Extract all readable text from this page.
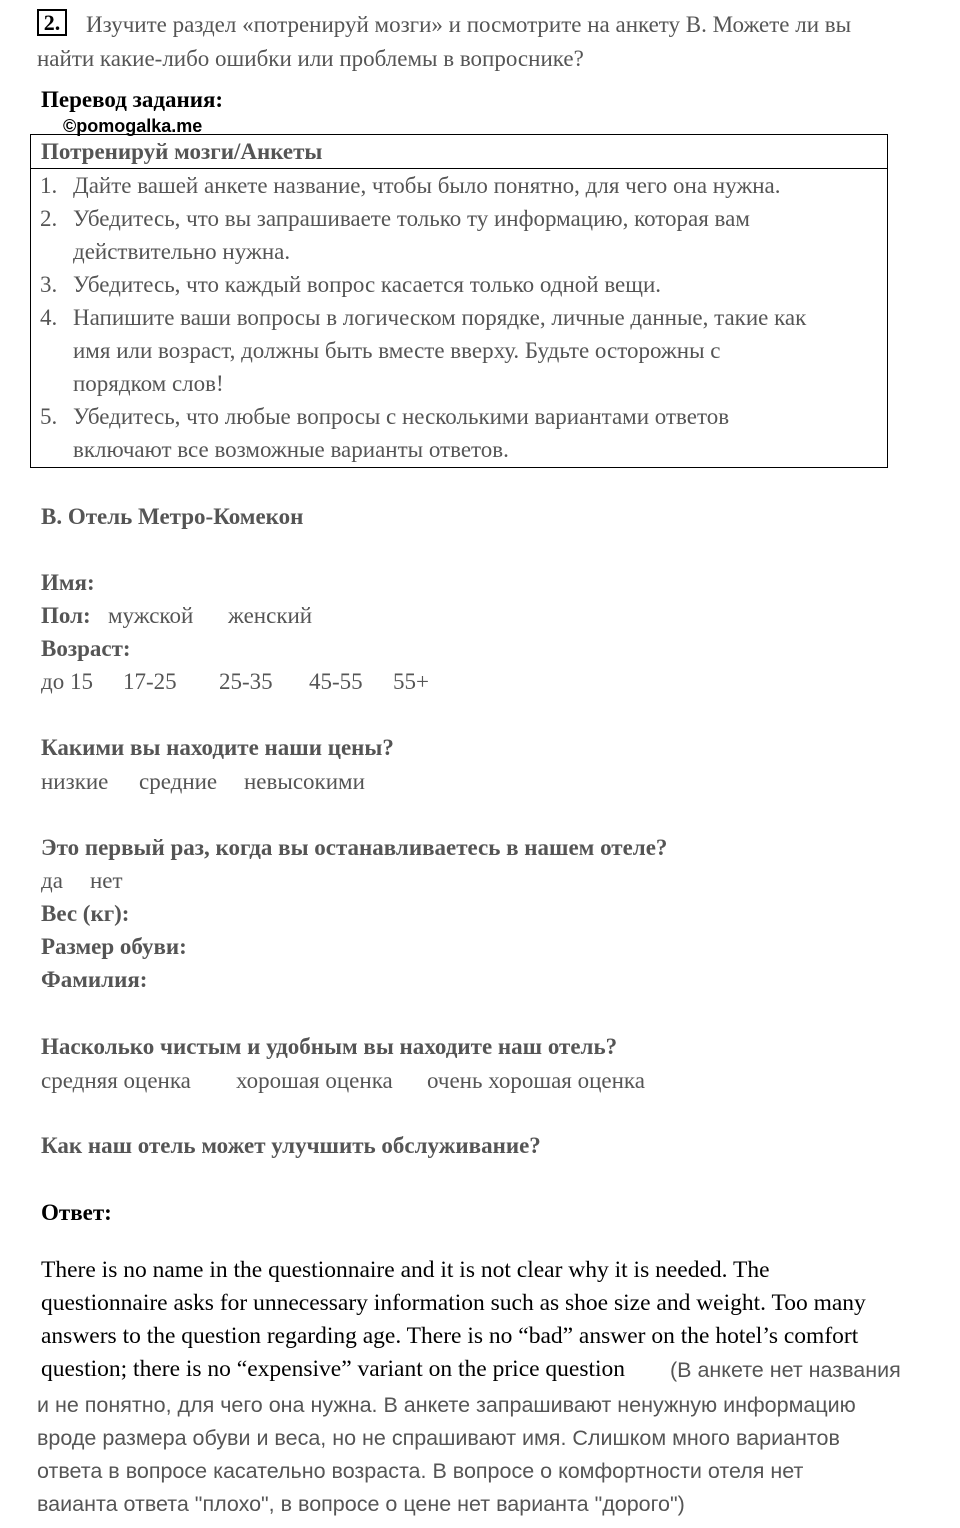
2. Изучите раздел «потренируй мозги» и посмотрите на анкету B. Можете ли вы
найти какие-либо ошибки или проблемы в вопроснике?
Перевод задания:
©pomogalka.me
Потренируй мозги/Анкеты
1. Дайте вашей анкете название, чтобы было понятно, для чего она нужна.
2. Убедитесь, что вы запрашиваете только ту информацию, которая вам
действительно нужна.
3. Убедитесь, что каждый вопрос касается только одной вещи.
4. Напишите ваши вопросы в логическом порядке, личные данные, такие как
имя или возраст, должны быть вместе вверху. Будьте осторожны с
порядком слов!
5. Убедитесь, что любые вопросы с несколькими вариантами ответов
включают все возможные варианты ответов.
B. Отель Метро-Комекон
Имя:
Пол: мужской женский
Возраст:
до 15 17-25 25-35 45-55 55+
Какими вы находите наши цены?
низкие средние невысокими
Это первый раз, когда вы останавливаетесь в нашем отеле?
да нет
Вес (кг):
Размер обуви:
Фамилия:
Насколько чистым и удобным вы находите наш отель?
средняя оценка хорошая оценка очень хорошая оценка
Как наш отель может улучшить обслуживание?
Ответ:
There is no name in the questionnaire and it is not clear why it is needed. The
questionnaire asks for unnecessary information such as shoe size and weight. Too many
answers to the question regarding age. There is no “bad” answer on the hotel’s comfort
question; there is no “expensive” variant on the price question (В анкете нет названия
и не понятно, для чего она нужна. В анкете запрашивают ненужную информацию
вроде размера обуви и веса, но не спрашивают имя. Слишком много вариантов
ответа в вопросе касательно возраста. В вопросе о комфортности отеля нет
ваианта ответа "плохо", в вопросе о цене нет варианта "дорого")
